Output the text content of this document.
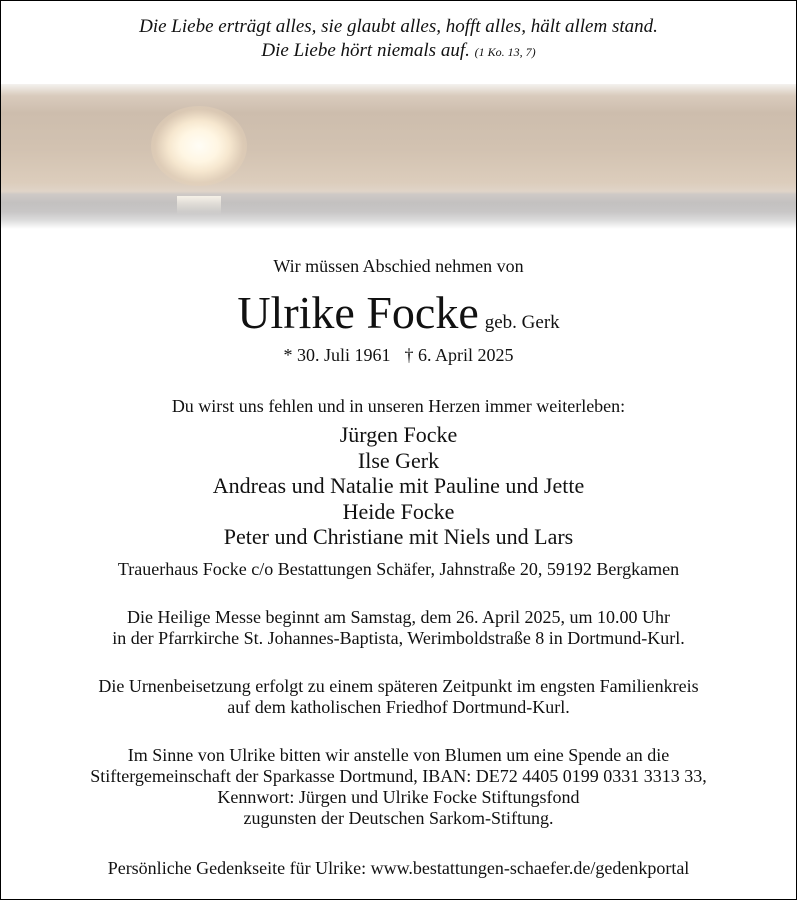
Die Liebe erträgt alles, sie glaubt alles, hofft alles, hält allem stand.
Die Liebe hört niemals auf. (1 Ko. 13, 7)
Wir müssen Abschied nehmen von
Ulrike Focke geb. Gerk
* 30. Juli 1961 † 6. April 2025
Du wirst uns fehlen und in unseren Herzen immer weiterleben:
Jürgen Focke
Ilse Gerk
Andreas und Natalie mit Pauline und Jette
Heide Focke
Peter und Christiane mit Niels und Lars
Trauerhaus Focke c/o Bestattungen Schäfer, Jahnstraße 20, 59192 Bergkamen
Die Heilige Messe beginnt am Samstag, dem 26. April 2025, um 10.00 Uhr
in der Pfarrkirche St. Johannes-Baptista, Werimboldstraße 8 in Dortmund-Kurl.
Die Urnenbeisetzung erfolgt zu einem späteren Zeitpunkt im engsten Familienkreis
auf dem katholischen Friedhof Dortmund-Kurl.
Im Sinne von Ulrike bitten wir anstelle von Blumen um eine Spende an die
Stiftergemeinschaft der Sparkasse Dortmund, IBAN: DE72 4405 0199 0331 3313 33,
Kennwort: Jürgen und Ulrike Focke Stiftungsfond
zugunsten der Deutschen Sarkom-Stiftung.
Persönliche Gedenkseite für Ulrike: www.bestattungen-schaefer.de/gedenkportal
